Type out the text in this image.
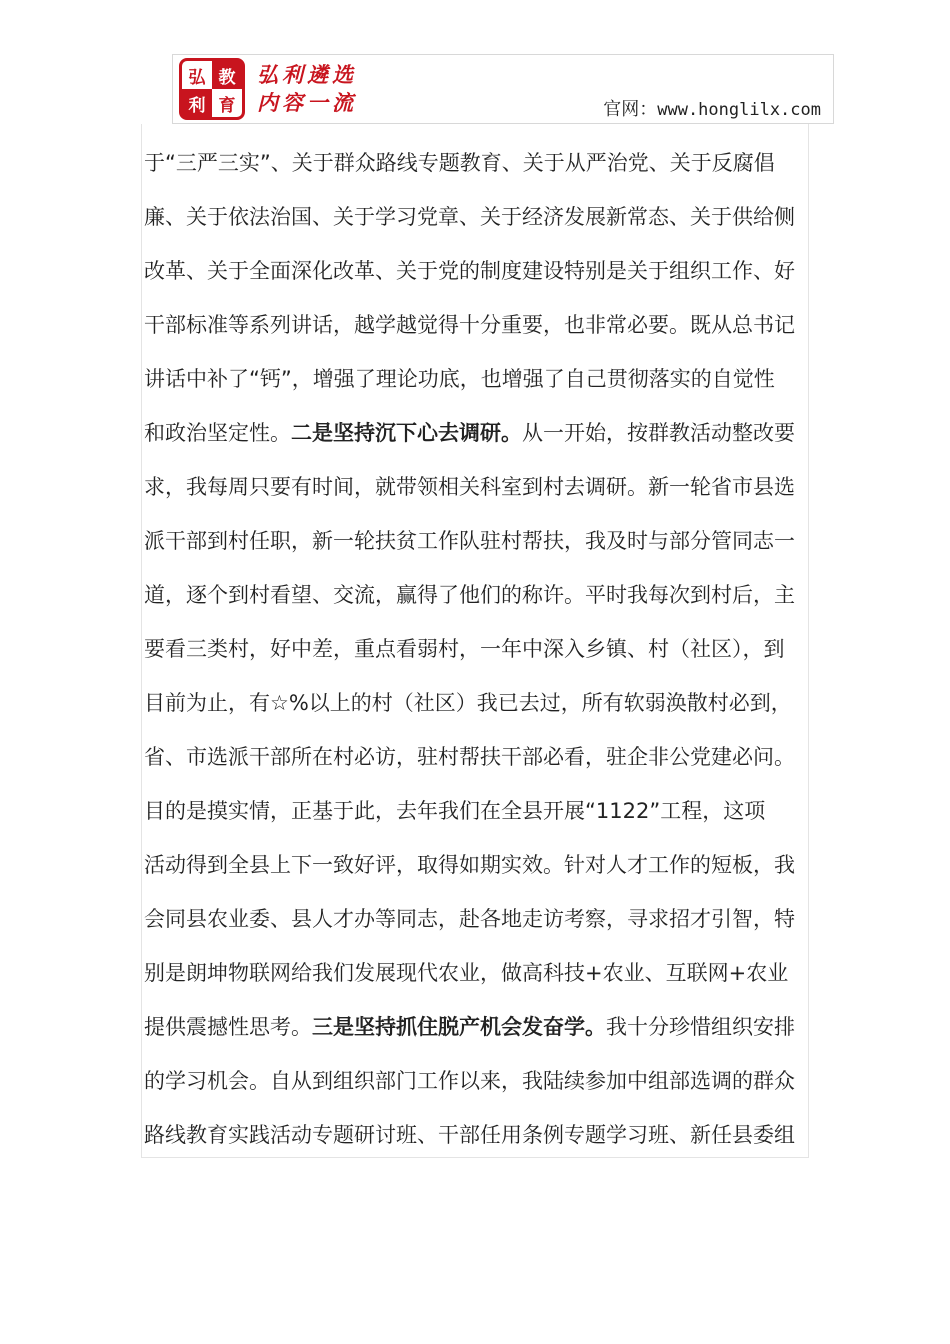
弘 教
利 育
弘利遴选
内容一流	官网：www.honglilx.com
于“三严三实”、关于群众路线专题教育、关于从严治党、关于反腐倡
廉、关于依法治国、关于学习党章、关于经济发展新常态、关于供给侧
改革、关于全面深化改革、关于党的制度建设特别是关于组织工作、好
干部标准等系列讲话，越学越觉得十分重要，也非常必要。既从总书记
讲话中补了“钙”，增强了理论功底，也增强了自己贯彻落实的自觉性
和政治坚定性。二是坚持沉下心去调研。从一开始，按群教活动整改要
求，我每周只要有时间，就带领相关科室到村去调研。新一轮省市县选
派干部到村任职，新一轮扶贫工作队驻村帮扶，我及时与部分管同志一
道，逐个到村看望、交流，赢得了他们的称许。平时我每次到村后，主
要看三类村，好中差，重点看弱村，一年中深入乡镇、村（社区），到
目前为止，有☆%以上的村（社区）我已去过，所有软弱涣散村必到，
省、市选派干部所在村必访，驻村帮扶干部必看，驻企非公党建必问。
目的是摸实情，正基于此，去年我们在全县开展“1122”工程，这项
活动得到全县上下一致好评，取得如期实效。针对人才工作的短板，我
会同县农业委、县人才办等同志，赴各地走访考察，寻求招才引智，特
别是朗坤物联网给我们发展现代农业，做高科技+农业、互联网+农业
提供震撼性思考。三是坚持抓住脱产机会发奋学。我十分珍惜组织安排
的学习机会。自从到组织部门工作以来，我陆续参加中组部选调的群众
路线教育实践活动专题研讨班、干部任用条例专题学习班、新任县委组
